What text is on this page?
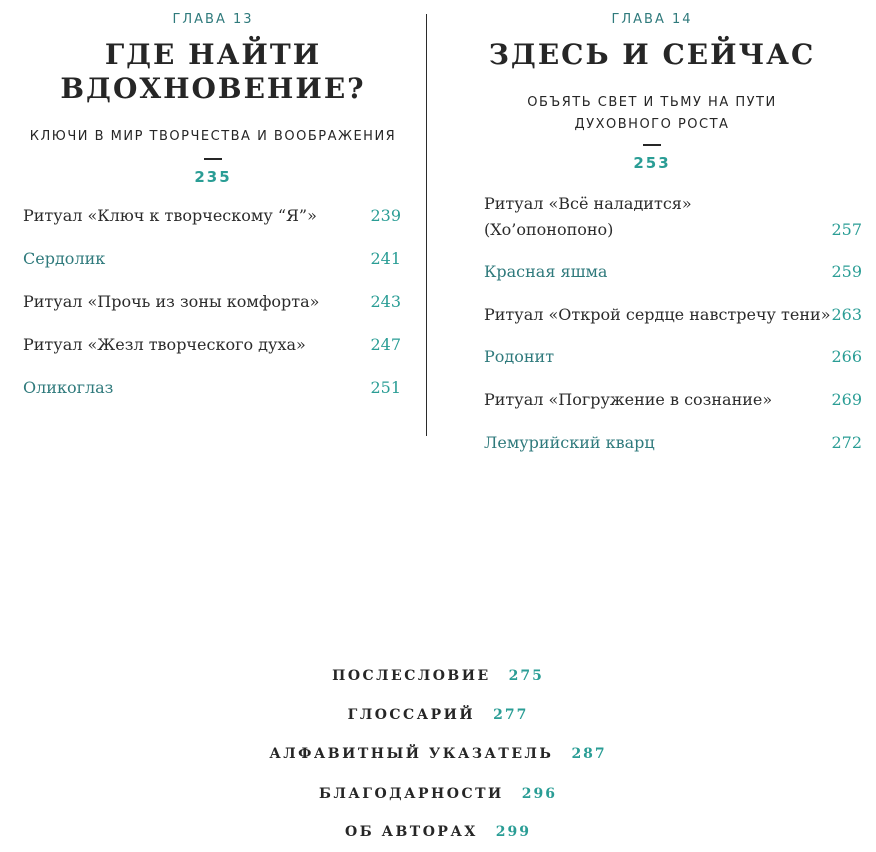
ГЛАВА 13
ГДЕ НАЙТИ
ВДОХНОВЕНИЕ?
КЛЮЧИ В МИР ТВОРЧЕСТВА И ВООБРАЖЕНИЯ
235
Ритуал «Ключ к творческому “Я”»	239
Сердолик	241
Ритуал «Прочь из зоны комфорта»	243
Ритуал «Жезл творческого духа»	247
Оликоглаз	251
ГЛАВА 14
ЗДЕСЬ И СЕЙЧАС
ОБЪЯТЬ СВЕТ И ТЬМУ НА ПУТИ
ДУХОВНОГО РОСТА
253
Ритуал «Всё наладится»
(Хо’опонопоно)	257
Красная яшма	259
Ритуал «Открой сердце навстречу тени» 263
Родонит	266
Ритуал «Погружение в сознание»	269
Лемурийский кварц	272
ПОСЛЕСЛОВИЕ 275
ГЛОССАРИЙ 277
АЛФАВИТНЫЙ УКАЗАТЕЛЬ 287
БЛАГОДАРНОСТИ 296
ОБ АВТОРАХ 299
